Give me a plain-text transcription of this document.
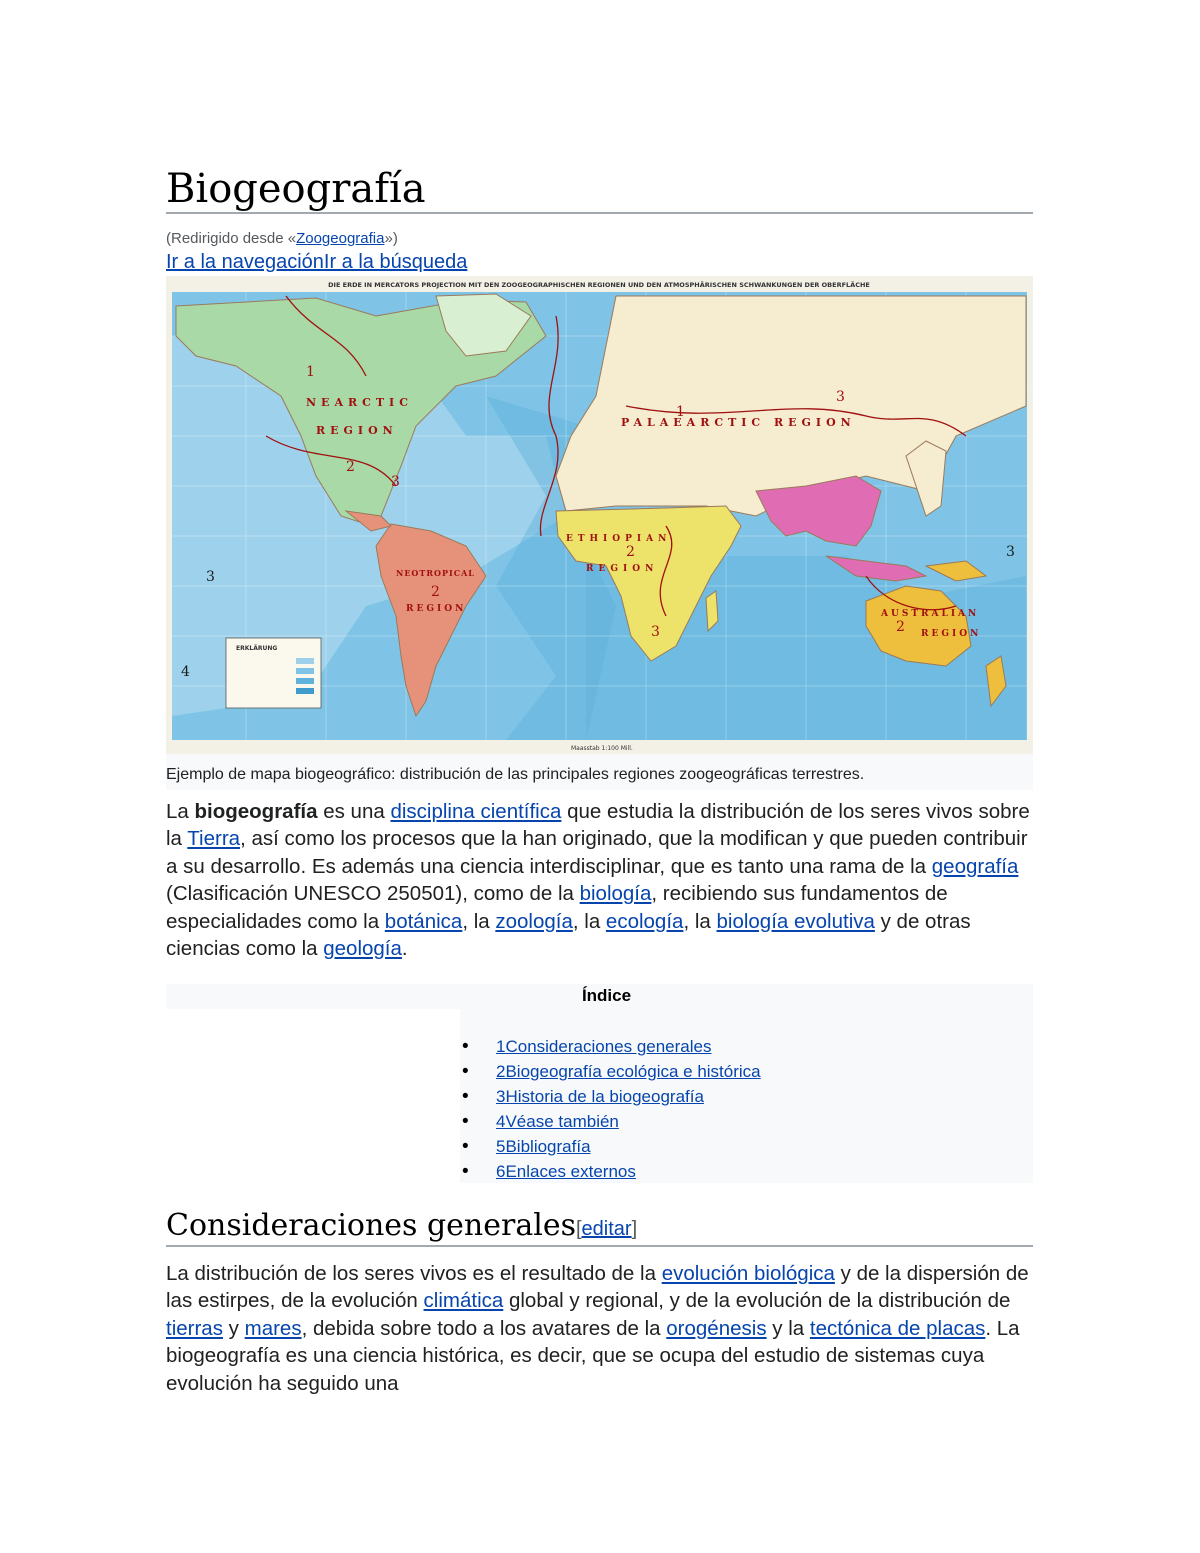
Biogeografía
(Redirigido desde «Zoogeografia»)
Ir a la navegaciónIr a la búsqueda
DIE ERDE IN MERCATORS PROJECTION MIT DEN ZOOGEOGRAPHISCHEN REGIONEN UND DEN ATMOSPHÄRISCHEN SCHWANKUNGEN DER OBERFLÄCHE
NEARCTIC
REGION
PALAEARCTIC REGION
ETHIOPIAN
REGION
NEOTROPICAL
REGION	AUSTRALIAN
REGION
3
4
3
1
2
3
1
3
2
3
2
2
ERKLÄRUNG
Maasstab 1:100 Mill.
Ejemplo de mapa biogeográfico: distribución de las principales regiones zoogeográficas terrestres.

La biogeografía es una disciplina científica que estudia la distribución de los seres vivos sobre la Tierra, así como los procesos que la han originado, que la modifican y que pueden contribuir a su desarrollo. Es además una ciencia interdisciplinar, que es tanto una rama de la geografía (Clasificación UNESCO 250501), como de la biología, recibiendo sus fundamentos de especialidades como la botánica, la zoología, la ecología, la biología evolutiva y de otras ciencias como la geología.

Índice
• 1Consideraciones generales
• 2Biogeografía ecológica e histórica
• 3Historia de la biogeografía
• 4Véase también
• 5Bibliografía
• 6Enlaces externos
Consideraciones generales[editar]

La distribución de los seres vivos es el resultado de la evolución biológica y de la dispersión de las estirpes, de la evolución climática global y regional, y de la evolución de la distribución de tierras y mares, debida sobre todo a los avatares de la orogénesis y la tectónica de placas. La biogeografía es una ciencia histórica, es decir, que se ocupa del estudio de sistemas cuya evolución ha seguido una
